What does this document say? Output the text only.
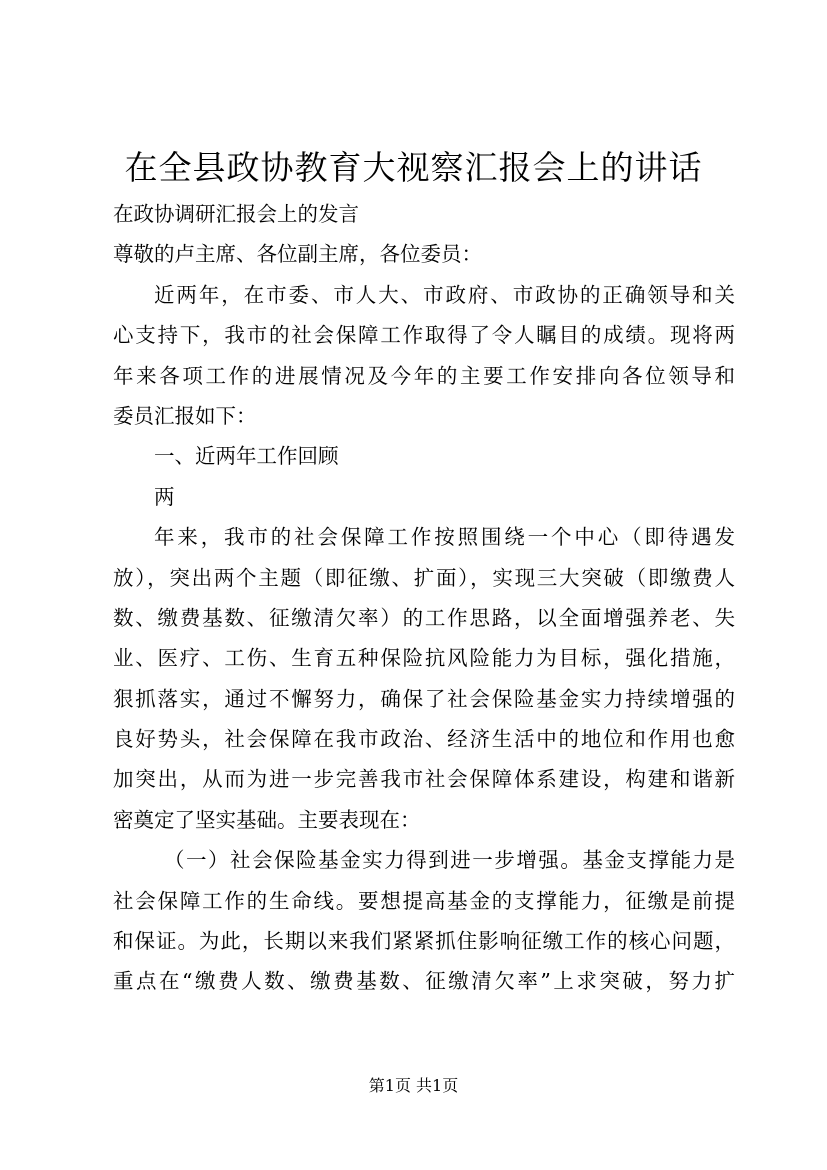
在全县政协教育大视察汇报会上的讲话
在政协调研汇报会上的发言
尊敬的卢主席、各位副主席，各位委员：
近两年，在市委、市人大、市政府、市政协的正确领导和关
心支持下，我市的社会保障工作取得了令人瞩目的成绩。现将两
年来各项工作的进展情况及今年的主要工作安排向各位领导和
委员汇报如下：
一、近两年工作回顾
两
年来，我市的社会保障工作按照围绕一个中心（即待遇发
放），突出两个主题（即征缴、扩面），实现三大突破（即缴费人
数、缴费基数、征缴清欠率）的工作思路，以全面增强养老、失
业、医疗、工伤、生育五种保险抗风险能力为目标，强化措施，
狠抓落实，通过不懈努力，确保了社会保险基金实力持续增强的
良好势头，社会保障在我市政治、经济生活中的地位和作用也愈
加突出，从而为进一步完善我市社会保障体系建设，构建和谐新
密奠定了坚实基础。主要表现在：
（一）社会保险基金实力得到进一步增强。基金支撑能力是
社会保障工作的生命线。要想提高基金的支撑能力，征缴是前提
和保证。为此，长期以来我们紧紧抓住影响征缴工作的核心问题，
重点在“缴费人数、缴费基数、征缴清欠率”上求突破，努力扩
第1页 共1页
